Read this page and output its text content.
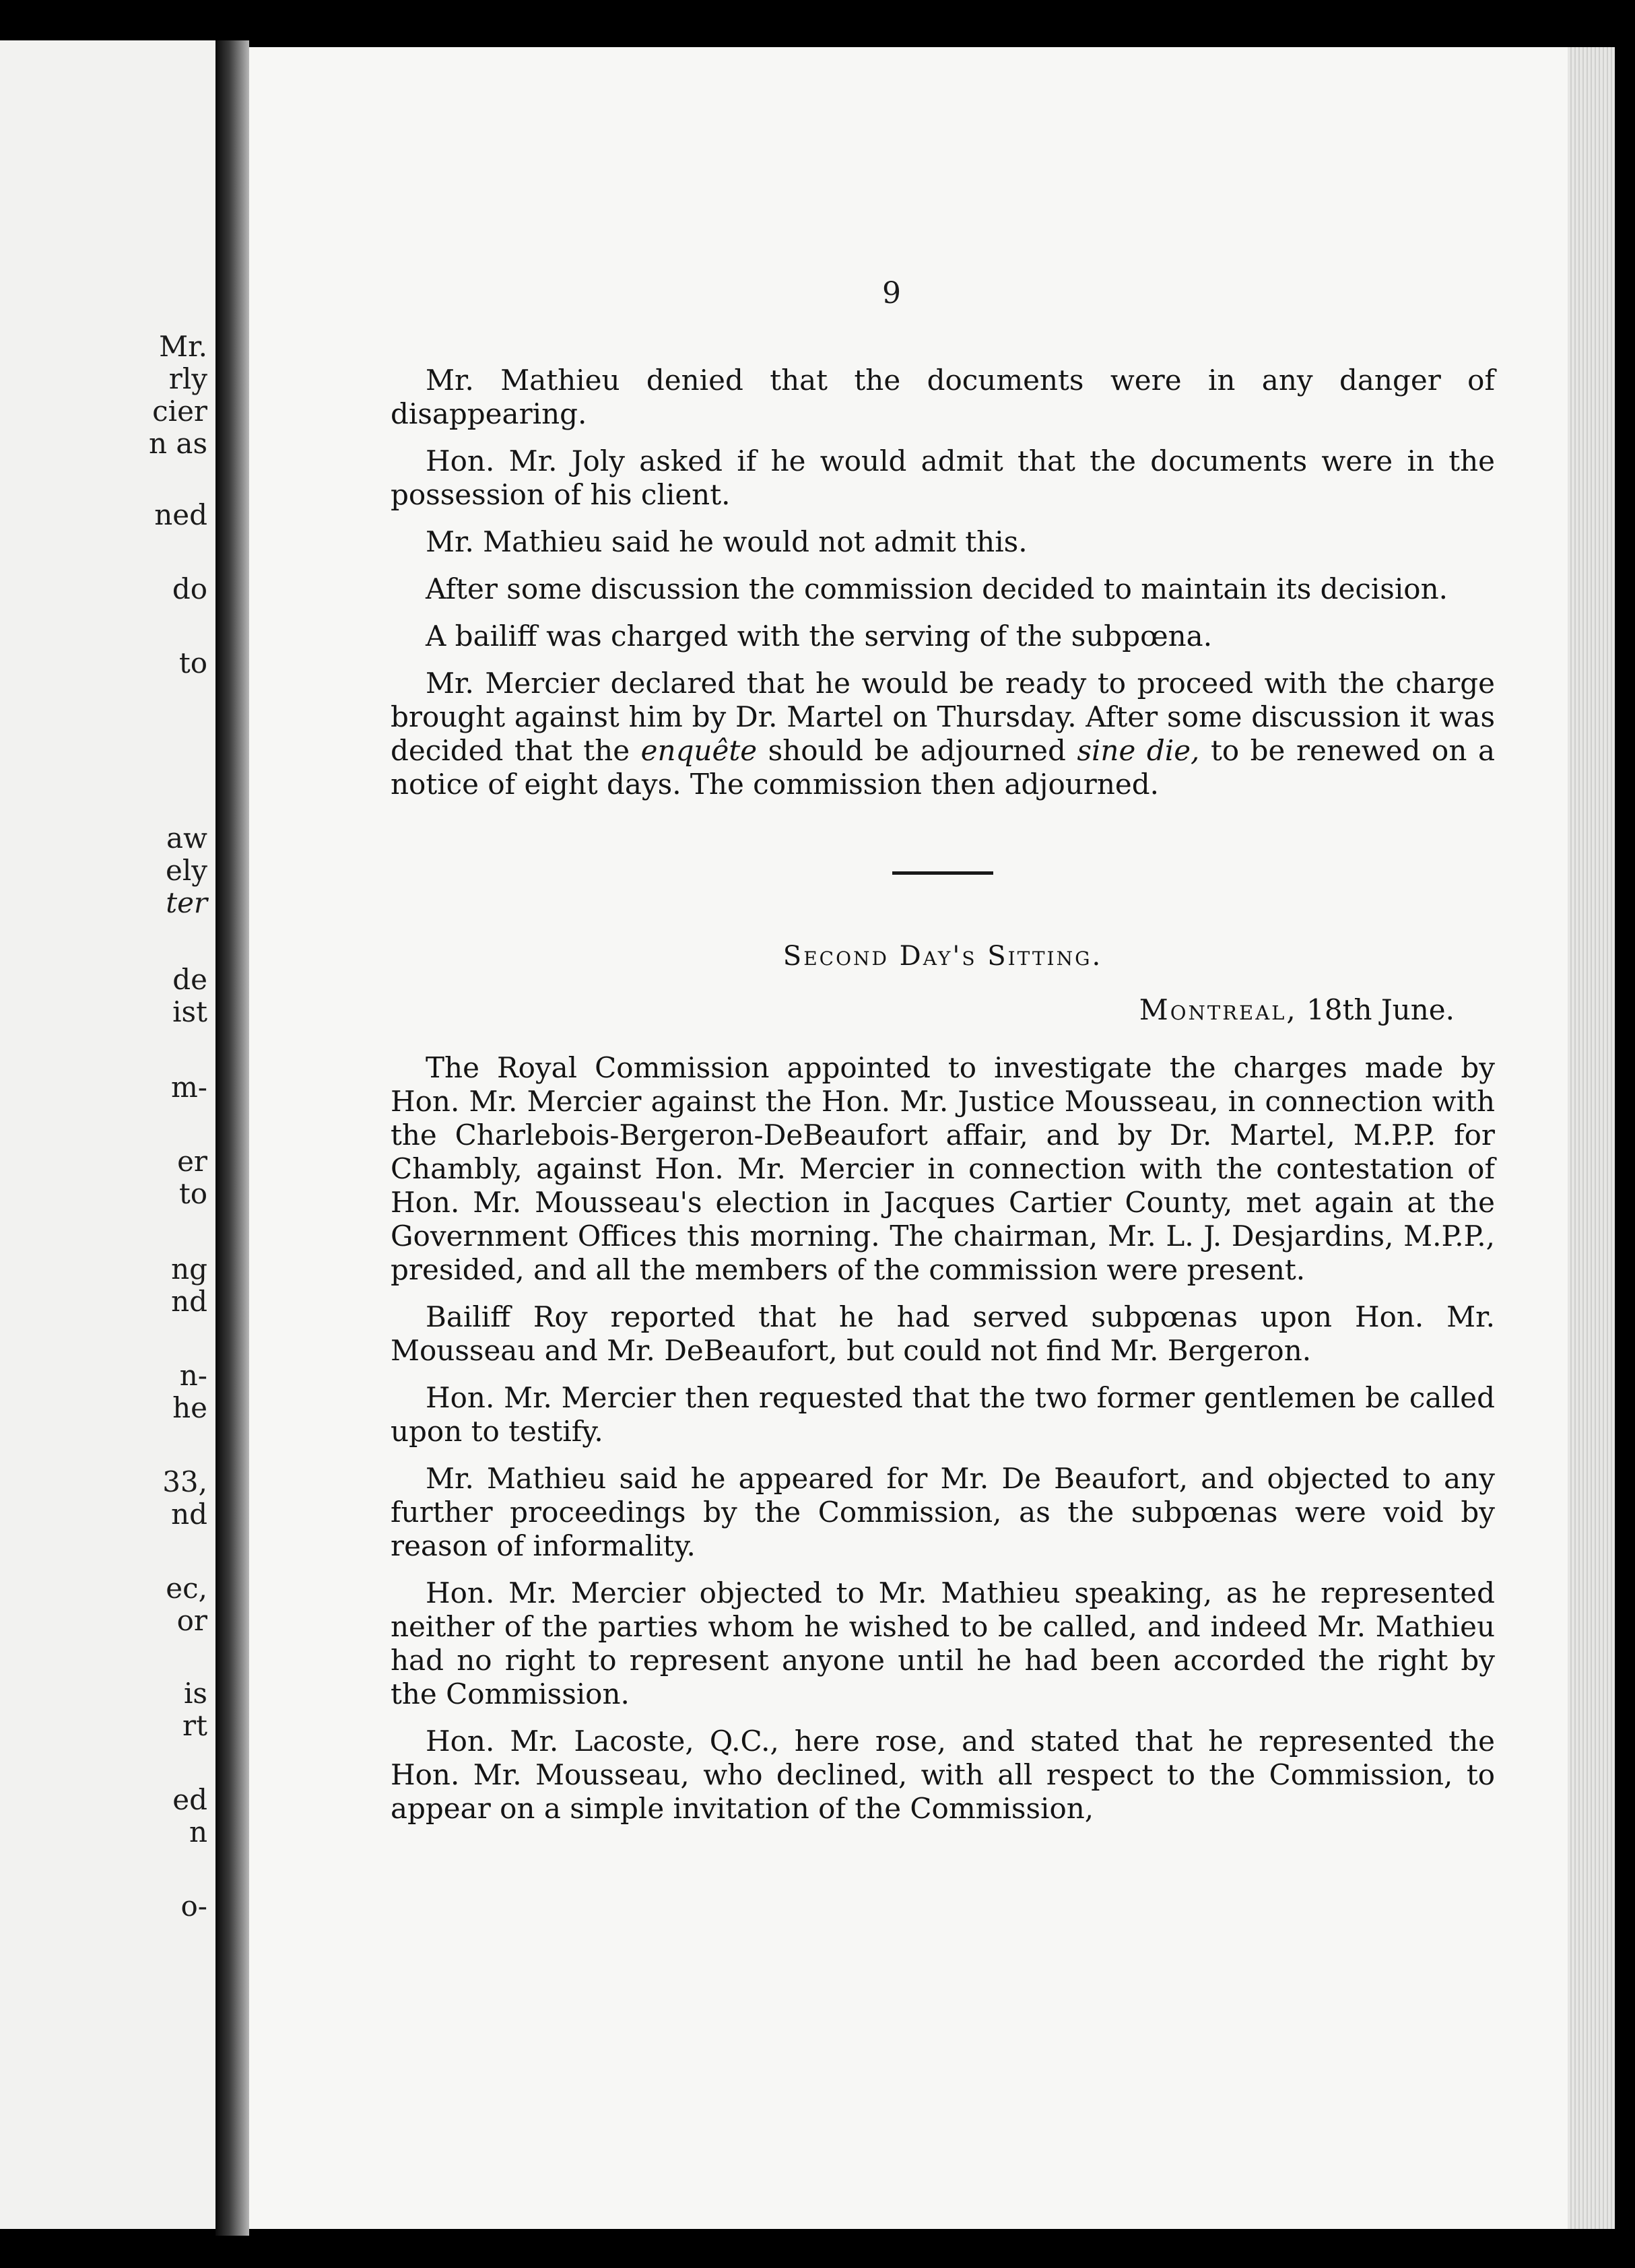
Mr.
rly
cier
n as
ned
do
to
aw
ely
ter
de
ist
m-
er
to
ng
nd
n-
he
33,
nd
ec,
or
is
rt
ed
n
o-
9

Mr. Mathieu denied that the documents were in any danger of disappearing.

Hon. Mr. Joly asked if he would admit that the documents were in the possession of his client.

Mr. Mathieu said he would not admit this.

After some discussion the commission decided to maintain its decision.

A bailiff was charged with the serving of the subpœna.

Mr. Mercier declared that he would be ready to proceed with the charge brought against him by Dr. Martel on Thursday. After some discussion it was decided that the enquête should be adjourned sine die, to be renewed on a notice of eight days. The commission then adjourned.

Second Day's Sitting.
Montreal, 18th June.

The Royal Commission appointed to investigate the charges made by Hon. Mr. Mercier against the Hon. Mr. Justice Mousseau, in connection with the Charlebois-Bergeron-DeBeaufort affair, and by Dr. Martel, M.P.P. for Chambly, against Hon. Mr. Mercier in connection with the contestation of Hon. Mr. Mousseau's election in Jacques Cartier County, met again at the Government Offices this morning. The chairman, Mr. L. J. Desjardins, M.P.P., presided, and all the members of the commission were present.

Bailiff Roy reported that he had served subpœnas upon Hon. Mr. Mousseau and Mr. DeBeaufort, but could not find Mr. Bergeron.

Hon. Mr. Mercier then requested that the two former gentlemen be called upon to testify.

Mr. Mathieu said he appeared for Mr. De Beaufort, and objected to any further proceedings by the Commission, as the subpœnas were void by reason of informality.

Hon. Mr. Mercier objected to Mr. Mathieu speaking, as he represented neither of the parties whom he wished to be called, and indeed Mr. Mathieu had no right to represent anyone until he had been accorded the right by the Commission.

Hon. Mr. Lacoste, Q.C., here rose, and stated that he represented the Hon. Mr. Mousseau, who declined, with all respect to the Commission, to appear on a simple invitation of the Commission,
